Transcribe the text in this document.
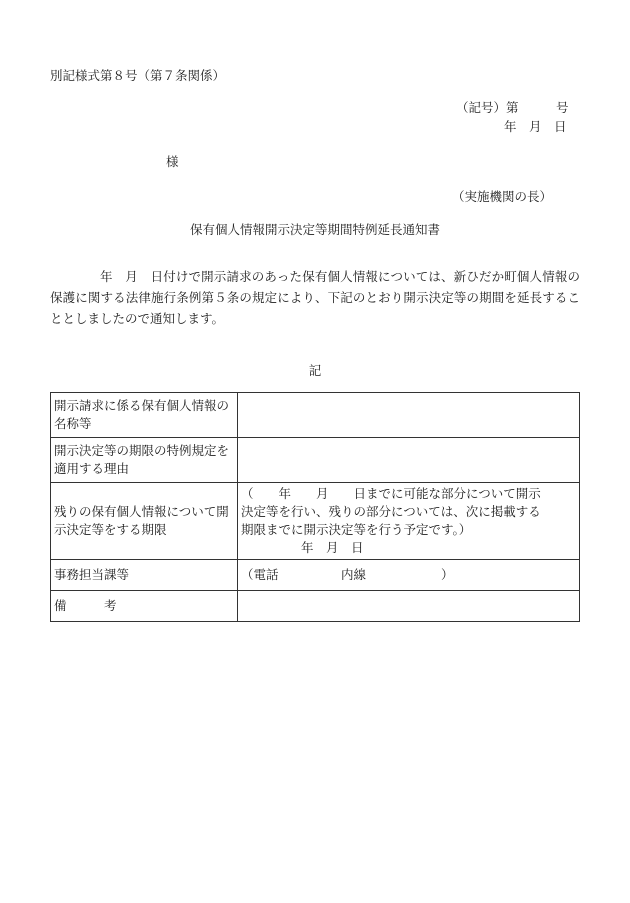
別記様式第８号（第７条関係）
（記号）第　　　号
年　月　日
様
（実施機関の長）
保有個人情報開示決定等期間特例延長通知書
年　月　日付けで開示請求のあった保有個人情報については、新ひだか町個人情報の保護に関する法律施行条例第５条の規定により、下記のとおり開示決定等の期間を延長することとしましたので通知します。
記
開示請求に係る保有個人情報の名称等	
開示決定等の期限の特例規定を適用する理由	
残りの保有個人情報について開示決定等をする期限	（　　年　　月　　日までに可能な部分について開示
決定等を行い、残りの部分については、次に掲載する
期限までに開示決定等を行う予定です。）
年　月　日

事務担当課等	（電話　　　　　内線　　　　　　）
備　　　考	
